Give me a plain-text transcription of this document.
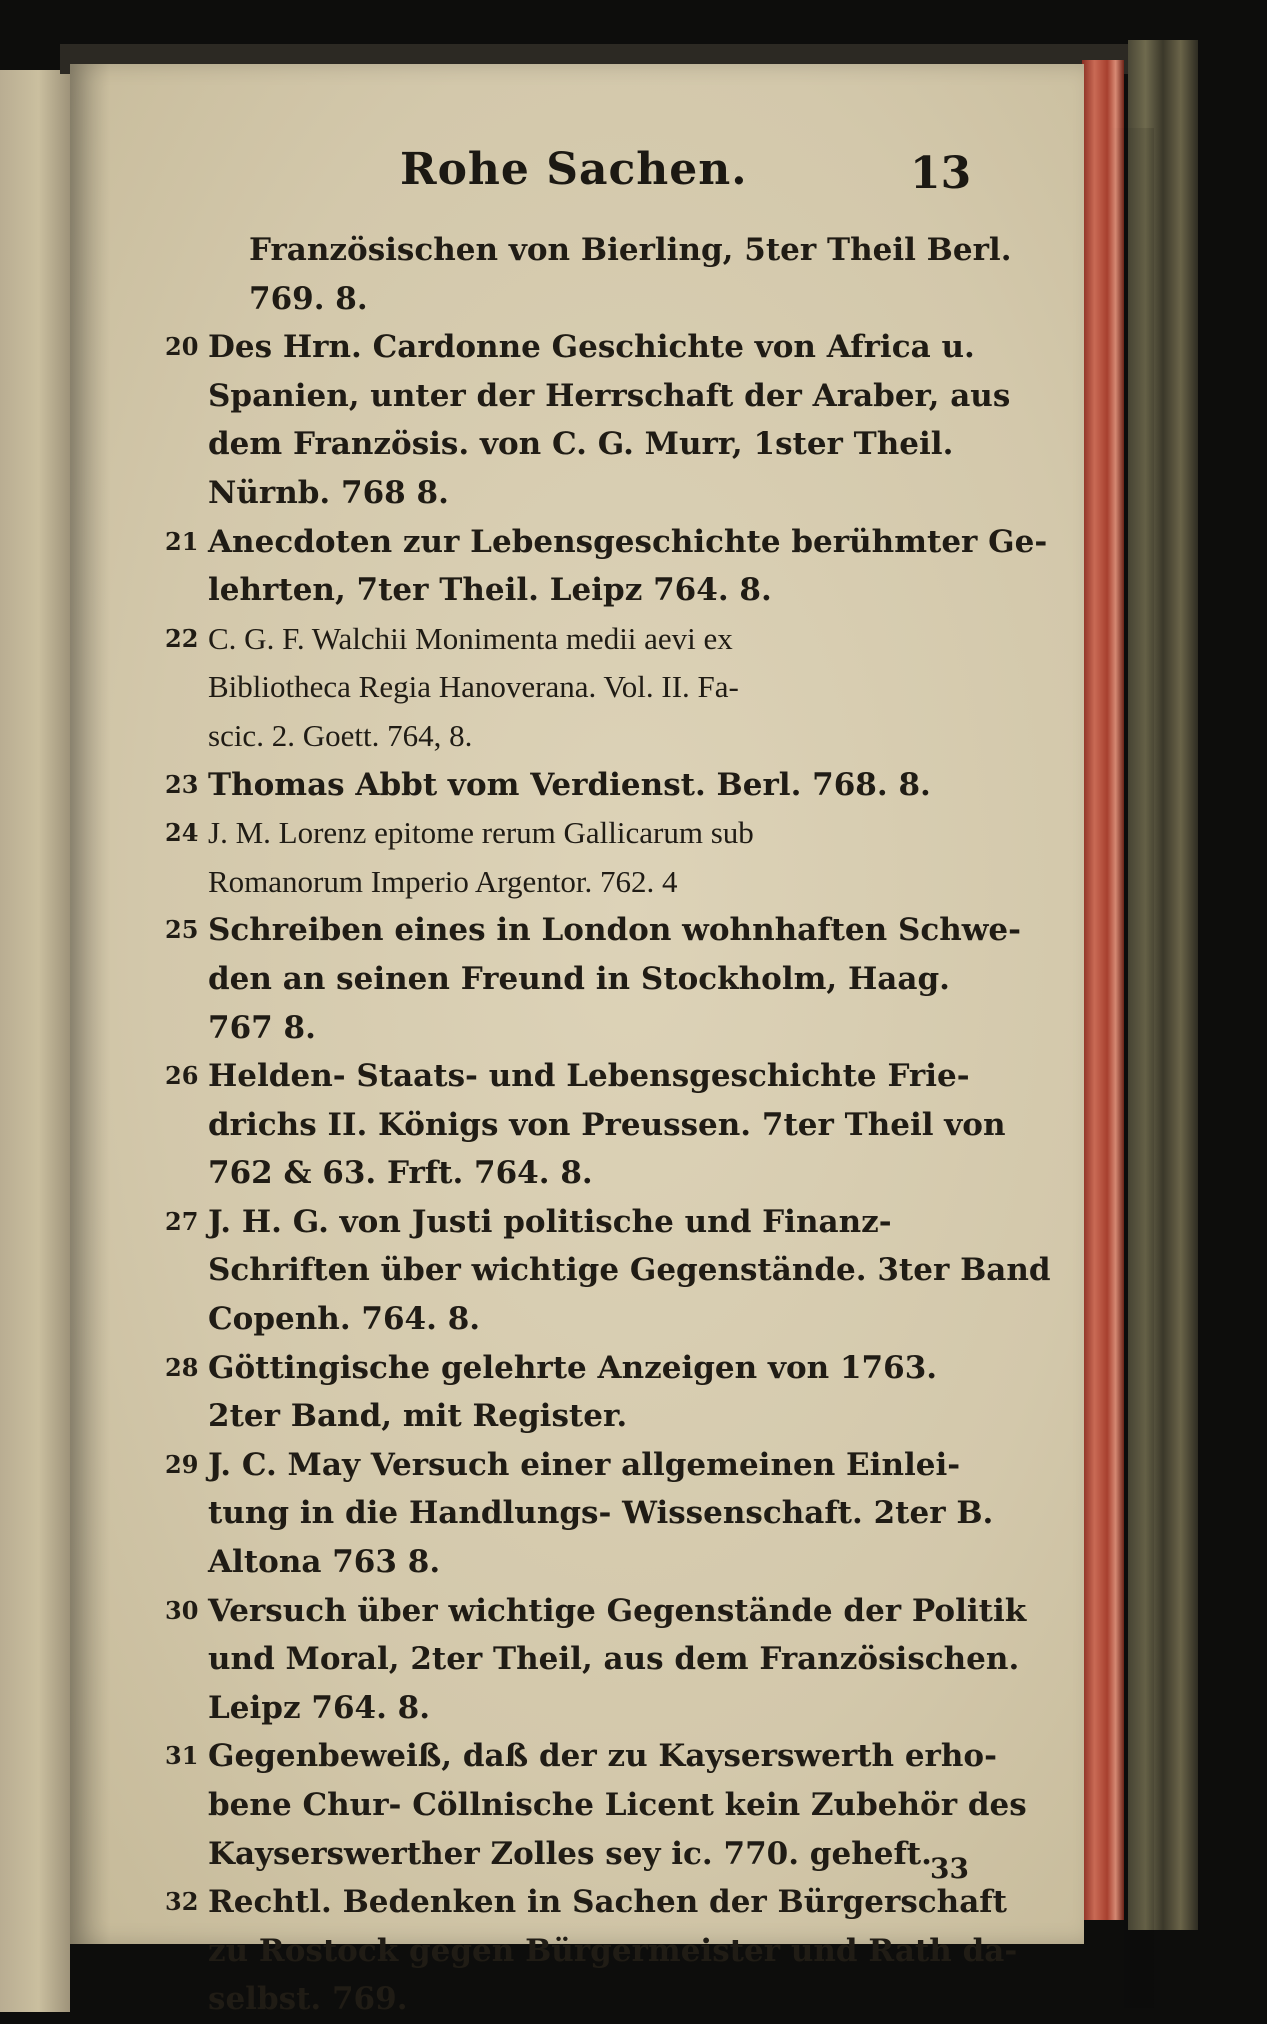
Rohe Sachen.	13
Französischen von Bierling, 5ter Theil Berl.
769. 8.
20 Des Hrn. Cardonne Geschichte von Africa u.
Spanien, unter der Herrschaft der Araber, aus
dem Französis. von C. G. Murr, 1ster Theil.
Nürnb. 768 8.
21 Anecdoten zur Lebensgeschichte berühmter Ge-
lehrten, 7ter Theil. Leipz 764. 8.
22 C. G. F. Walchii Monimenta medii aevi ex
Bibliotheca Regia Hanoverana. Vol. II. Fa-
scic. 2. Goett. 764, 8.
23 Thomas Abbt vom Verdienst. Berl. 768. 8.
24 J. M. Lorenz epitome rerum Gallicarum sub
Romanorum Imperio Argentor. 762. 4
25 Schreiben eines in London wohnhaften Schwe-
den an seinen Freund in Stockholm, Haag.
767 8.
26 Helden- Staats- und Lebensgeschichte Frie-
drichs II. Königs von Preussen. 7ter Theil von
762 & 63. Frft. 764. 8.
27 J. H. G. von Justi politische und Finanz-
Schriften über wichtige Gegenstände. 3ter Band
Copenh. 764. 8.
28 Göttingische gelehrte Anzeigen von 1763.
2ter Band, mit Register.
29 J. C. May Versuch einer allgemeinen Einlei-
tung in die Handlungs- Wissenschaft. 2ter B.
Altona 763 8.
30 Versuch über wichtige Gegenstände der Politik
und Moral, 2ter Theil, aus dem Französischen.
Leipz 764. 8.
31 Gegenbeweiß, daß der zu Kayserswerth erho-
bene Chur- Cöllnische Licent kein Zubehör des
Kayserswerther Zolles sey ic. 770. geheft.
32 Rechtl. Bedenken in Sachen der Bürgerschaft
zu Rostock gegen Bürgermeister und Rath da-
selbst. 769.
33
